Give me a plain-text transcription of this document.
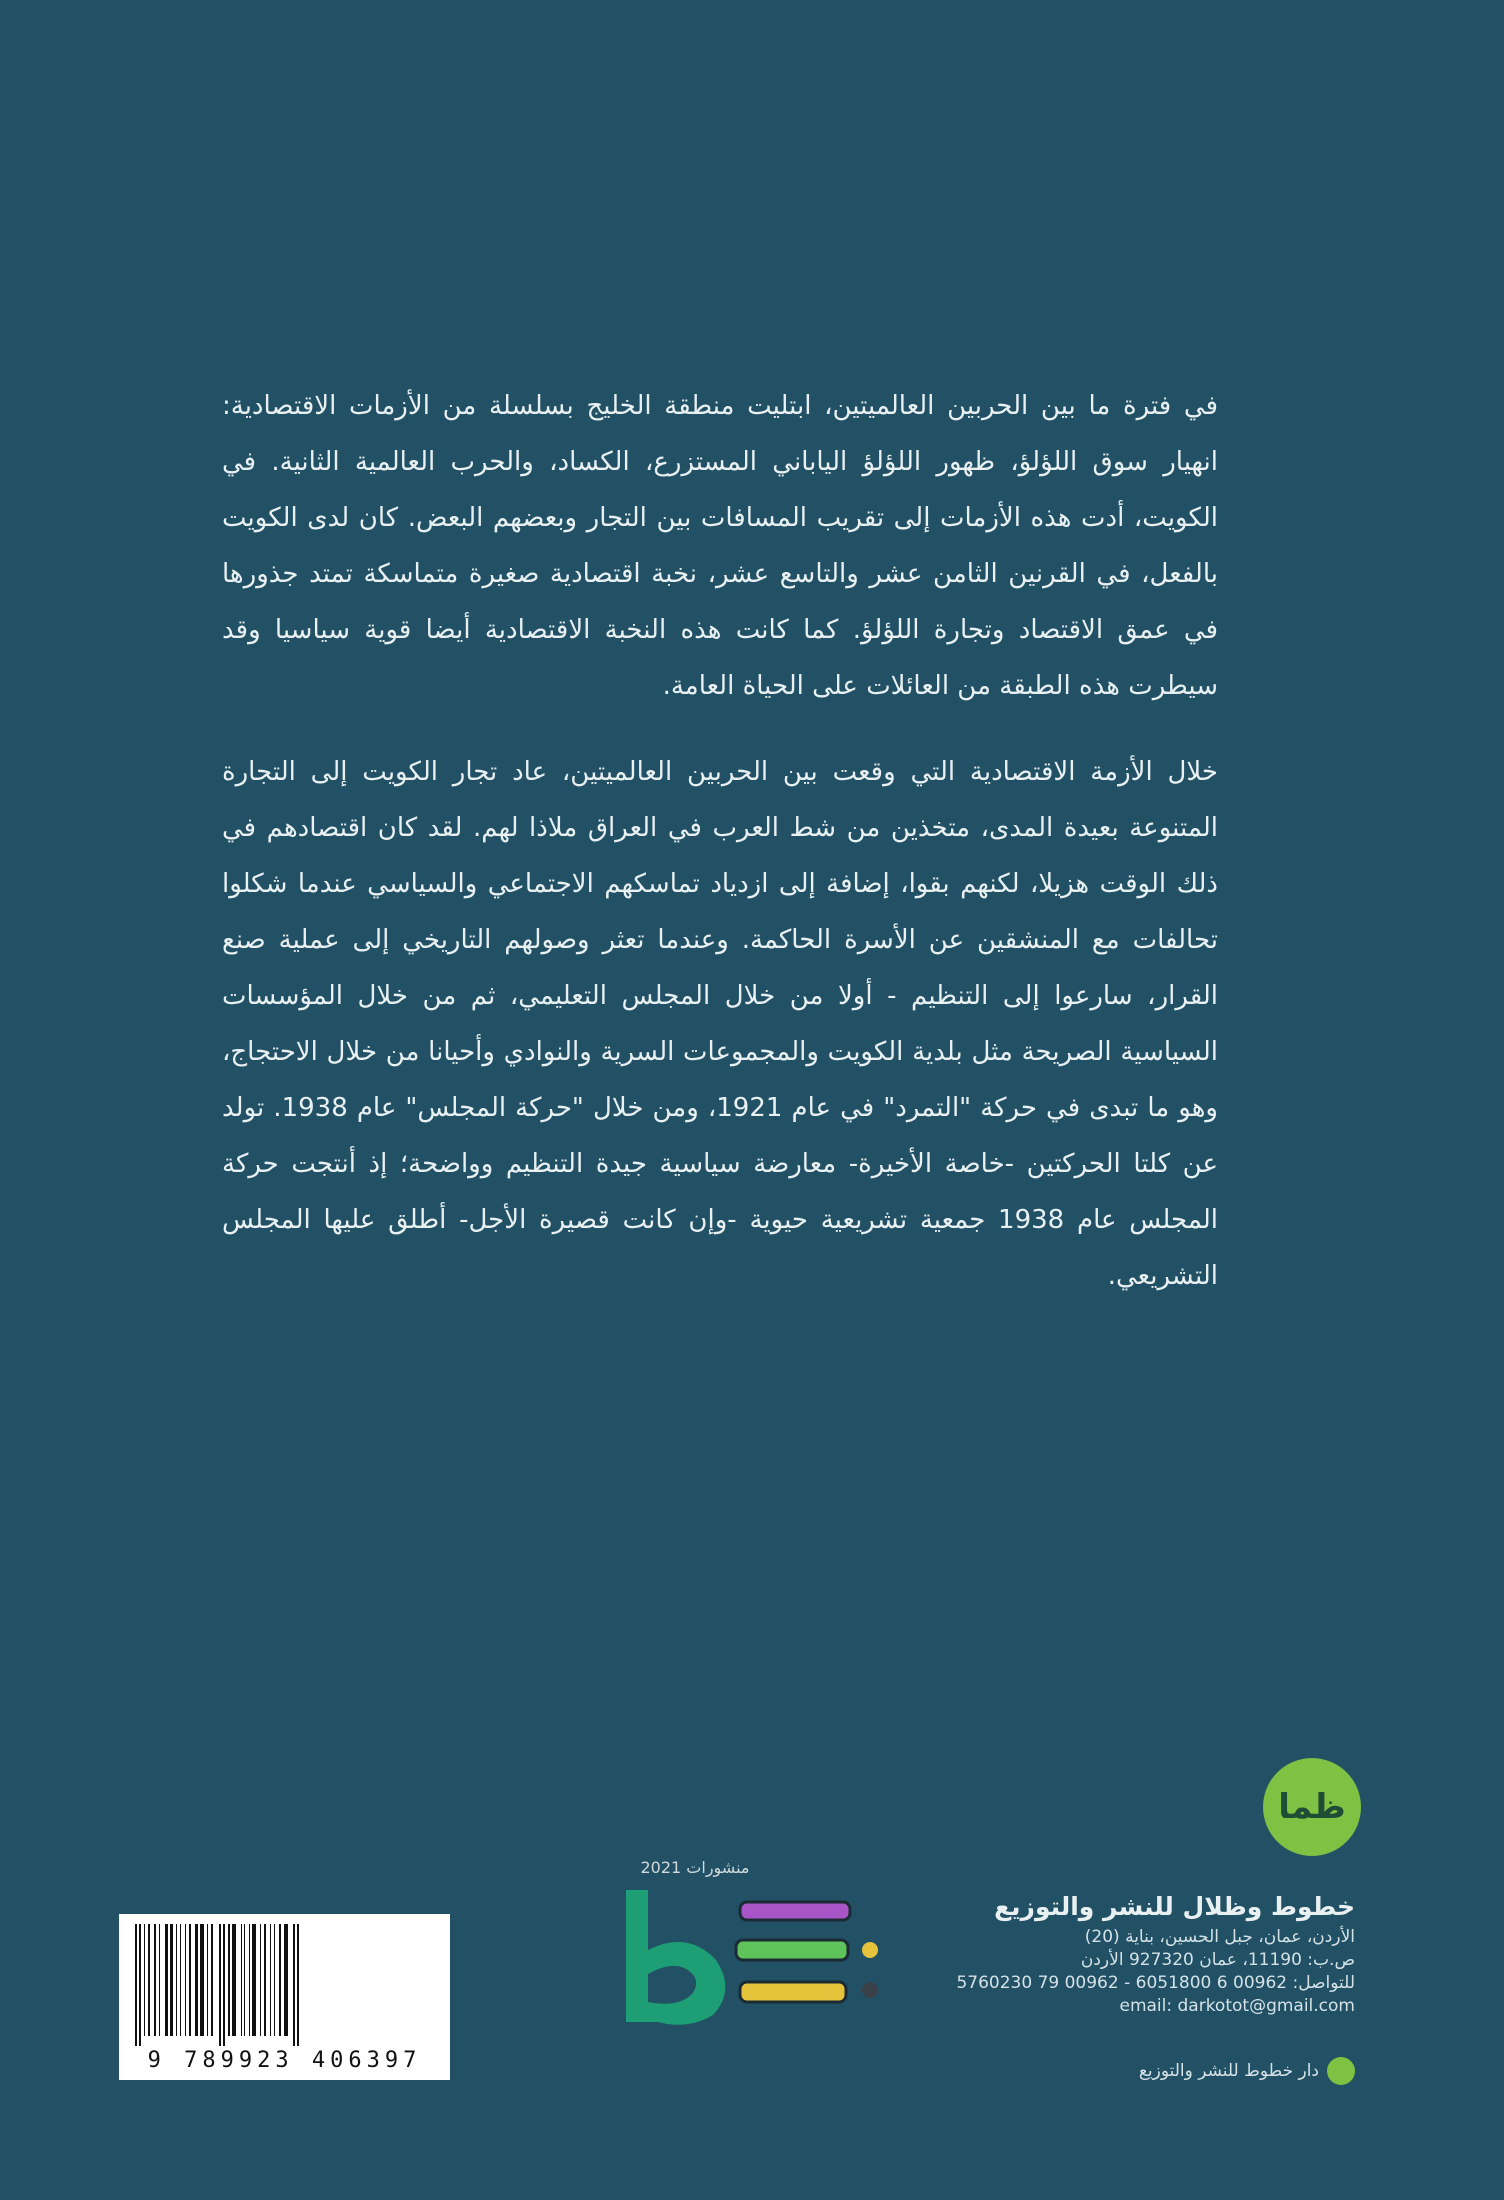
في فترة ما بين الحربين العالميتين، ابتليت منطقة الخليج بسلسلة من الأزمات الاقتصادية: انهيار سوق اللؤلؤ، ظهور اللؤلؤ الياباني المستزرع، الكساد، والحرب العالمية الثانية. في الكويت، أدت هذه الأزمات إلى تقريب المسافات بين التجار وبعضهم البعض. كان لدى الكويت بالفعل، في القرنين الثامن عشر والتاسع عشر، نخبة اقتصادية صغيرة متماسكة تمتد جذورها في عمق الاقتصاد وتجارة اللؤلؤ. كما كانت هذه النخبة الاقتصادية أيضا قوية سياسيا وقد سيطرت هذه الطبقة من العائلات على الحياة العامة.

خلال الأزمة الاقتصادية التي وقعت بين الحربين العالميتين، عاد تجار الكويت إلى التجارة المتنوعة بعيدة المدى، متخذين من شط العرب في العراق ملاذا لهم. لقد كان اقتصادهم في ذلك الوقت هزيلا، لكنهم بقوا، إضافة إلى ازدياد تماسكهم الاجتماعي والسياسي عندما شكلوا تحالفات مع المنشقين عن الأسرة الحاكمة. وعندما تعثر وصولهم التاريخي إلى عملية صنع القرار، سارعوا إلى التنظيم - أولا من خلال المجلس التعليمي، ثم من خلال المؤسسات السياسية الصريحة مثل بلدية الكويت والمجموعات السرية والنوادي وأحيانا من خلال الاحتجاج، وهو ما تبدى في حركة "التمرد" في عام 1921، ومن خلال "حركة المجلس" عام 1938. تولد عن كلتا الحركتين -خاصة الأخيرة- معارضة سياسية جيدة التنظيم وواضحة؛ إذ أنتجت حركة المجلس عام 1938 جمعية تشريعية حيوية -وإن كانت قصيرة الأجل- أطلق عليها المجلس التشريعي.

منشورات 2021
ظما
خطوط وظلال للنشر والتوزيع
الأردن، عمان، جبل الحسين، بناية (20)
ص.ب: 11190، عمان 927320 الأردن
للتواصل: 00962 6 6051800 - 00962 79 5760230
email: darkotot@gmail.com
دار خطوط للنشر والتوزيع
9 789923 406397
